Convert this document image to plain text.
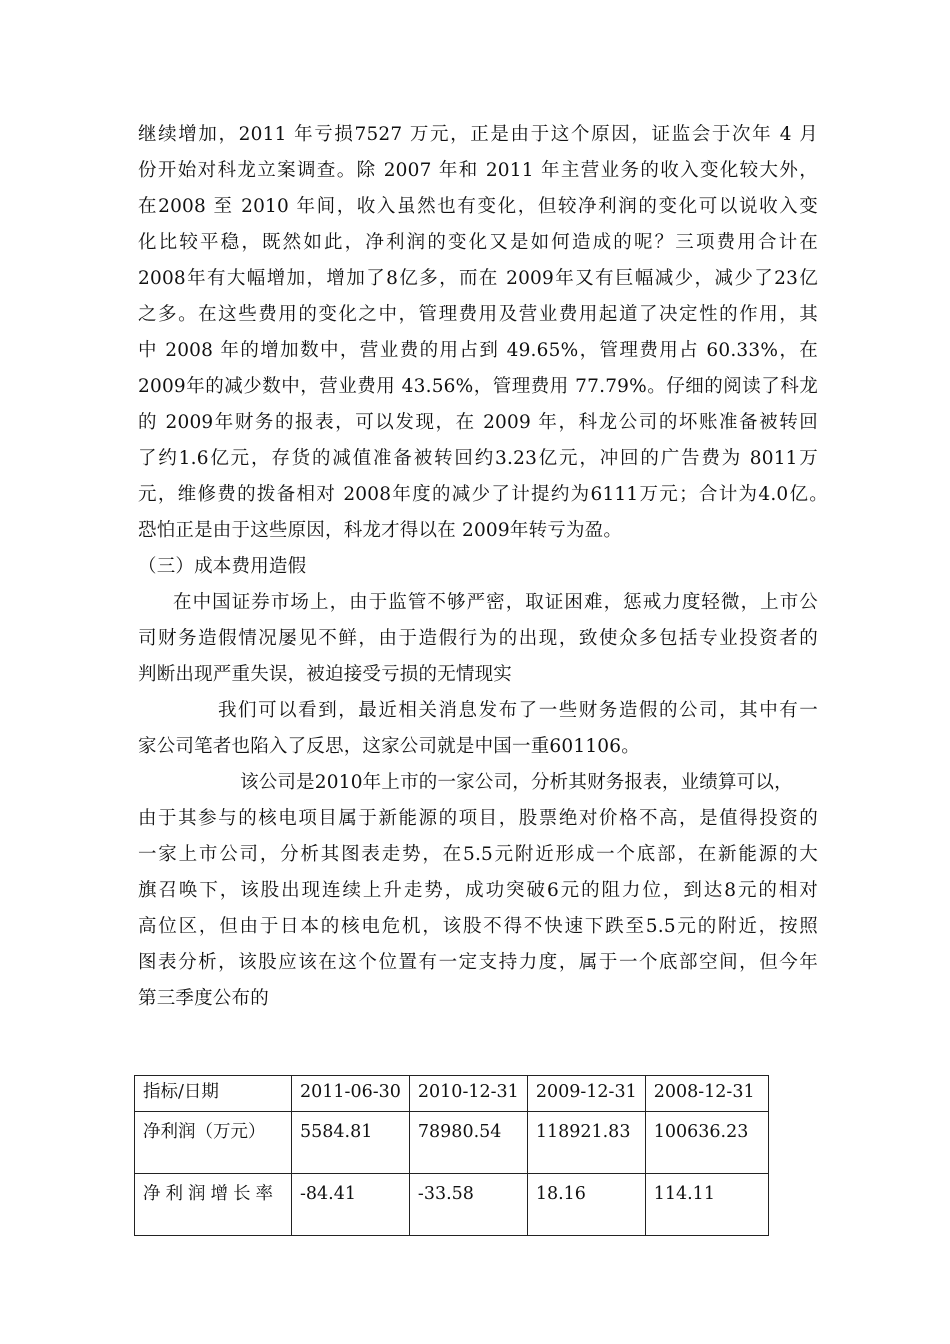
继续增加，2011 年亏损7527 万元，正是由于这个原因，证监会于次年 4 月
份开始对科龙立案调查。除 2007 年和 2011 年主营业务的收入变化较大外，
在2008 至 2010 年间，收入虽然也有变化，但较净利润的变化可以说收入变
化比较平稳，既然如此，净利润的变化又是如何造成的呢？三项费用合计在
2008年有大幅增加，增加了8亿多，而在 2009年又有巨幅减少，减少了23亿
之多。在这些费用的变化之中，管理费用及营业费用起道了决定性的作用，其
中 2008 年的增加数中，营业费的用占到 49.65%，管理费用占 60.33%，在
2009年的减少数中，营业费用 43.56%，管理费用 77.79%。仔细的阅读了科龙
的 2009年财务的报表，可以发现，在 2009 年，科龙公司的坏账准备被转回
了约1.6亿元，存货的减值准备被转回约3.23亿元，冲回的广告费为 8011万
元，维修费的拨备相对 2008年度的减少了计提约为6111万元；合计为4.0亿。
恐怕正是由于这些原因，科龙才得以在 2009年转亏为盈。
（三）成本费用造假
在中国证券市场上，由于监管不够严密，取证困难，惩戒力度轻微，上市公
司财务造假情况屡见不鲜，由于造假行为的出现，致使众多包括专业投资者的
判断出现严重失误，被迫接受亏损的无情现实
我们可以看到，最近相关消息发布了一些财务造假的公司，其中有一
家公司笔者也陷入了反思，这家公司就是中国一重601106。
该公司是2010年上市的一家公司，分析其财务报表，业绩算可以，
由于其参与的核电项目属于新能源的项目，股票绝对价格不高，是值得投资的
一家上市公司，分析其图表走势，在5.5元附近形成一个底部，在新能源的大
旗召唤下，该股出现连续上升走势，成功突破6元的阻力位，到达8元的相对
高位区，但由于日本的核电危机，该股不得不快速下跌至5.5元的附近，按照
图表分析，该股应该在这个位置有一定支持力度，属于一个底部空间，但今年
第三季度公布的
指标/日期	2011-06-30	2010-12-31	2009-12-31	2008-12-31
净利润（万元）	5584.81	78980.54	118921.83	100636.23
净利润增长率	-84.41	-33.58	18.16	114.11
